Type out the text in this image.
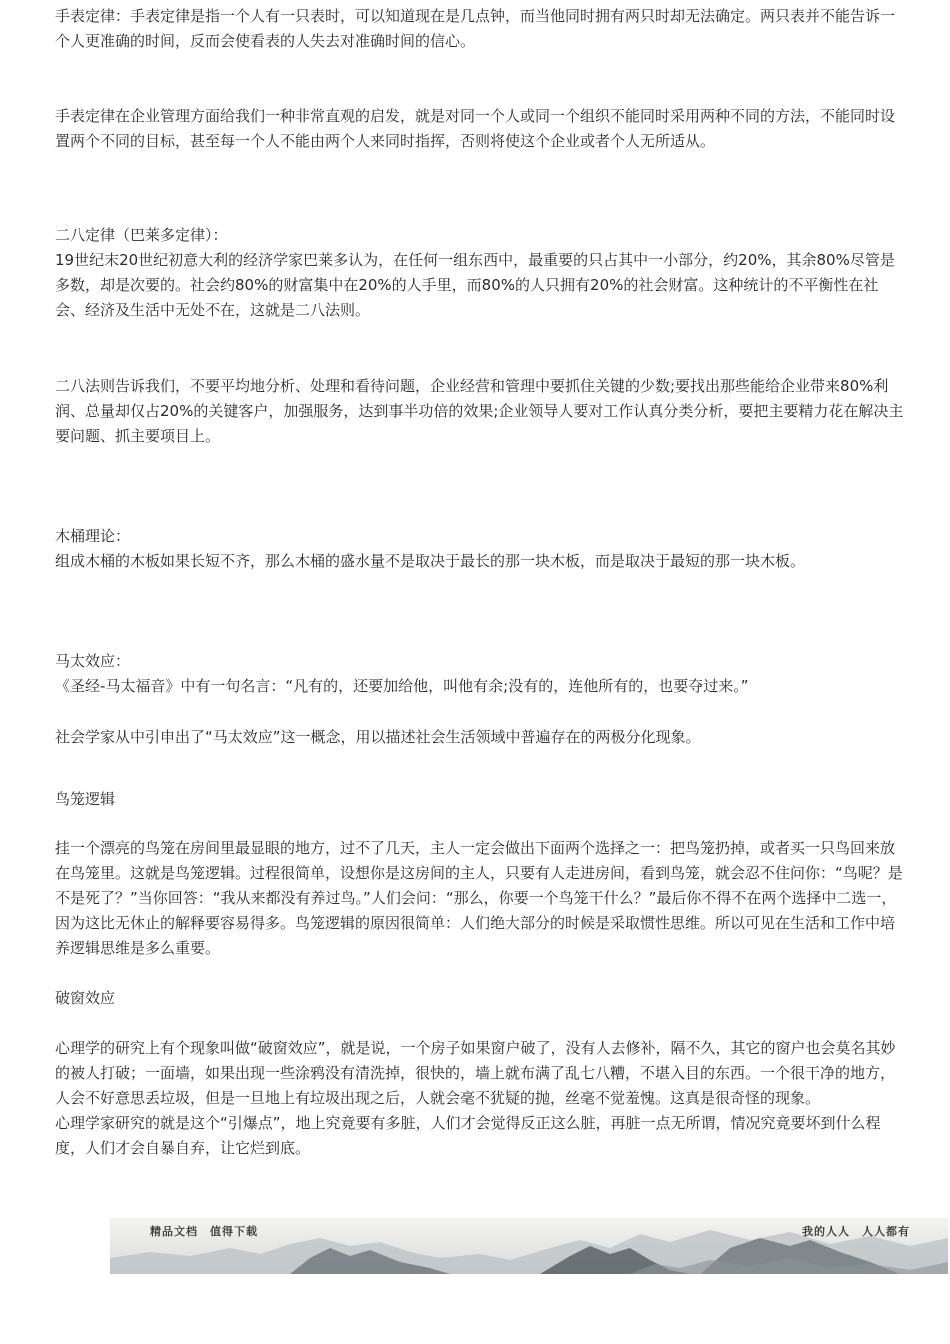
手表定律：手表定律是指一个人有一只表时，可以知道现在是几点钟，而当他同时拥有两只时却无法确定。两只表并不能告诉一个人更准确的时间，反而会使看表的人失去对准确时间的信心。
手表定律在企业管理方面给我们一种非常直观的启发，就是对同一个人或同一个组织不能同时采用两种不同的方法，不能同时设置两个不同的目标，甚至每一个人不能由两个人来同时指挥，否则将使这个企业或者个人无所适从。
二八定律（巴莱多定律）：
19世纪末20世纪初意大利的经济学家巴莱多认为，在任何一组东西中，最重要的只占其中一小部分，约20%，其余80%尽管是多数，却是次要的。社会约80%的财富集中在20%的人手里，而80%的人只拥有20%的社会财富。这种统计的不平衡性在社会、经济及生活中无处不在，这就是二八法则。
二八法则告诉我们，不要平均地分析、处理和看待问题，企业经营和管理中要抓住关键的少数;要找出那些能给企业带来80%利润、总量却仅占20%的关键客户，加强服务，达到事半功倍的效果;企业领导人要对工作认真分类分析，要把主要精力花在解决主要问题、抓主要项目上。
木桶理论：
组成木桶的木板如果长短不齐，那么木桶的盛水量不是取决于最长的那一块木板，而是取决于最短的那一块木板。
马太效应：
《圣经-马太福音》中有一句名言：“凡有的，还要加给他，叫他有余;没有的，连他所有的，也要夺过来。”
社会学家从中引申出了“马太效应”这一概念，用以描述社会生活领域中普遍存在的两极分化现象。
鸟笼逻辑
挂一个漂亮的鸟笼在房间里最显眼的地方，过不了几天，主人一定会做出下面两个选择之一：把鸟笼扔掉，或者买一只鸟回来放在鸟笼里。这就是鸟笼逻辑。过程很简单，设想你是这房间的主人，只要有人走进房间，看到鸟笼，就会忍不住问你：“鸟呢？是不是死了？”当你回答：“我从来都没有养过鸟。”人们会问：“那么，你要一个鸟笼干什么？”最后你不得不在两个选择中二选一，因为这比无休止的解释要容易得多。鸟笼逻辑的原因很简单：人们绝大部分的时候是采取惯性思维。所以可见在生活和工作中培养逻辑思维是多么重要。
破窗效应
心理学的研究上有个现象叫做“破窗效应”，就是说，一个房子如果窗户破了，没有人去修补，隔不久，其它的窗户也会莫名其妙的被人打破；一面墙，如果出现一些涂鸦没有清洗掉，很快的，墙上就布满了乱七八糟，不堪入目的东西。一个很干净的地方，人会不好意思丢垃圾，但是一旦地上有垃圾出现之后，人就会毫不犹疑的抛，丝毫不觉羞愧。这真是很奇怪的现象。
心理学家研究的就是这个“引爆点”，地上究竟要有多脏，人们才会觉得反正这么脏，再脏一点无所谓，情况究竟要坏到什么程度，人们才会自暴自弃，让它烂到底。
精品文档　值得下载	我的人人　人人都有
